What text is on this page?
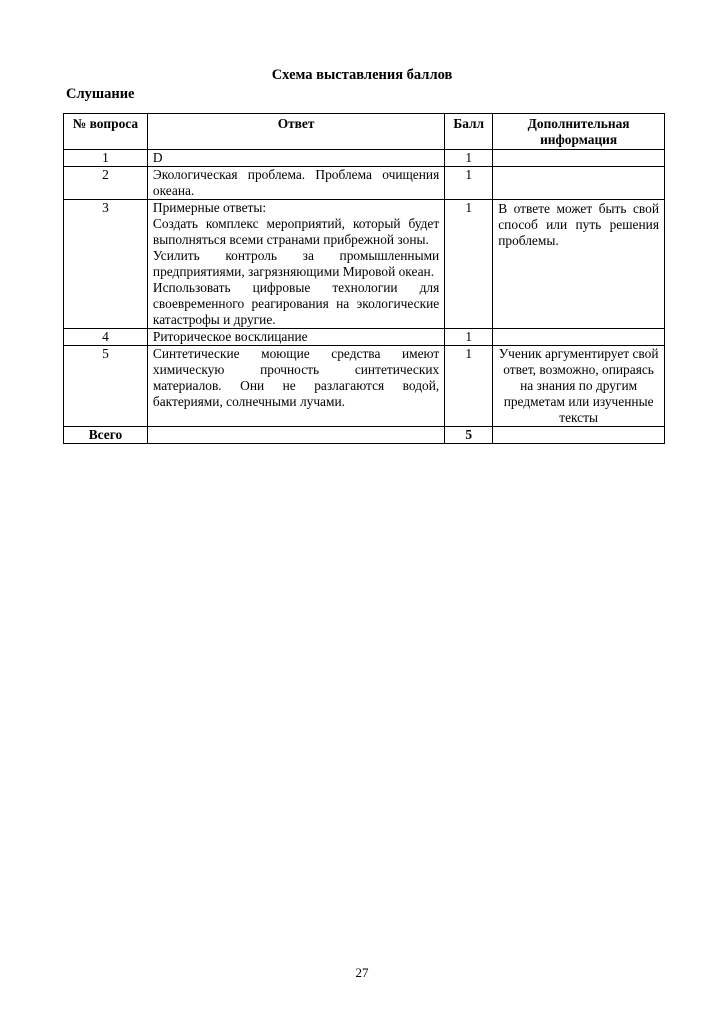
Схема выставления баллов
Слушание
№ вопроса	Ответ	Балл	Дополнительная информация
1	D	1	
2	Экологическая проблема. Проблема очищения океана.	1	
3	Примерные ответы:

Создать комплекс мероприятий, который будет выполняться всеми странами прибрежной зоны.

Усилить контроль за промышленными предприятиями, загрязняющими Мировой океан.

Использовать цифровые технологии для своевременного реагирования на экологические катастрофы и другие.	1	В ответе может быть свой способ или путь решения проблемы.
4	Риторическое восклицание	1	
5	Синтетические моющие средства имеют химическую прочность синтетических материалов. Они не разлагаются водой, бактериями, солнечными лучами.	1	Ученик аргументирует свой ответ, возможно, опираясь на знания по другим предметам или изученные тексты
Всего		5	
27
